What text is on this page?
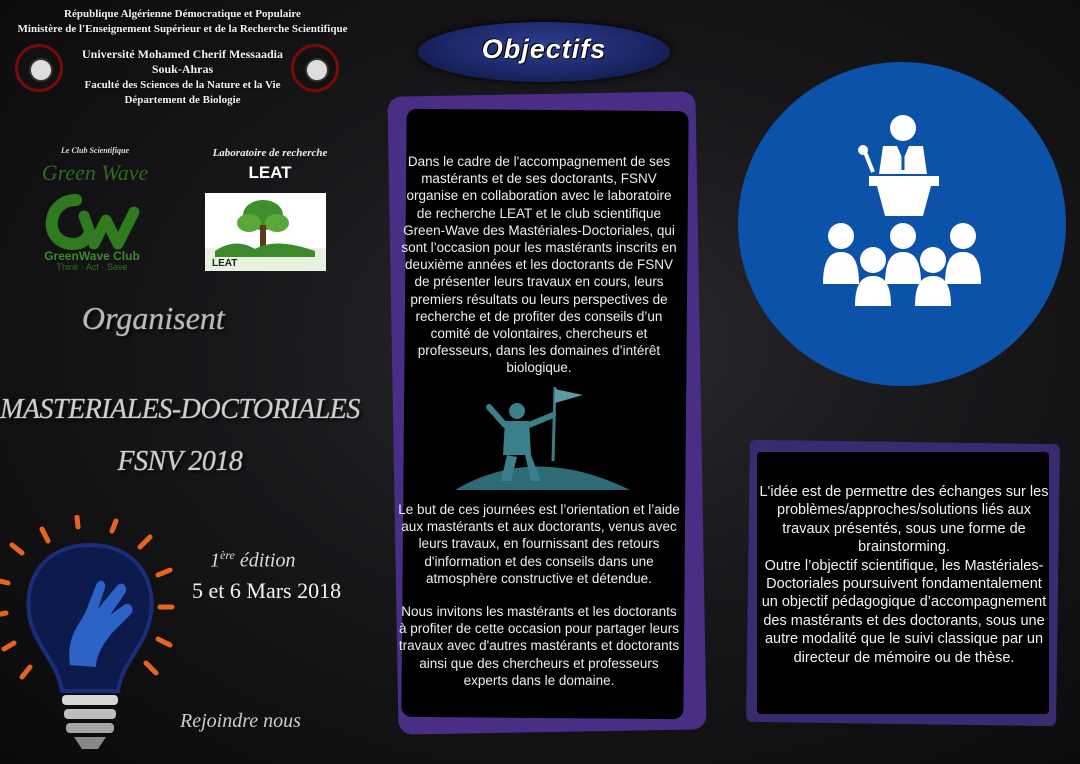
République Algérienne Démocratique et Populaire
Ministère de l'Enseignement Supérieur et de la Recherche Scientifique
Université Mohamed Cherif Messaadia
Souk-Ahras
Faculté des Sciences de la Nature et la Vie
Département de Biologie
Le Club Scientifique
Green Wave
GreenWave Club
Think · Act · Save
Laboratoire de recherche
LEAT
LEAT
Organisent
MASTERIALES-DOCTORIALES
FSNV 2018
1ère édition
5 et 6 Mars 2018
Rejoindre nous
Objectifs
Dans le cadre de l'accompagnement de ses mastérants et de ses doctorants, FSNV organise en collaboration avec le laboratoire de recherche LEAT et le club scientifique Green-Wave des Mastériales-Doctoriales, qui sont l’occasion pour les mastérants inscrits en deuxième années et les doctorants de FSNV de présenter leurs travaux en cours, leurs premiers résultats ou leurs perspectives de recherche et de profiter des conseils d’un comité de volontaires, chercheurs et professeurs, dans les domaines d’intérêt biologique.
Le but de ces journées est l’orientation et l’aide aux mastérants et aux doctorants, venus avec leurs travaux, en fournissant des retours d'information et des conseils dans une atmosphère constructive et détendue.
Nous invitons les mastérants et les doctorants à profiter de cette occasion pour partager leurs travaux avec d'autres mastérants et doctorants ainsi que des chercheurs et professeurs experts dans le domaine.
L'idée est de permettre des échanges sur les problèmes/approches/solutions liés aux travaux présentés, sous une forme de brainstorming.
Outre l’objectif scientifique, les Mastériales-Doctoriales poursuivent fondamentalement un objectif pédagogique d’accompagnement des mastérants et des doctorants, sous une autre modalité que le suivi classique par un directeur de mémoire ou de thèse.
